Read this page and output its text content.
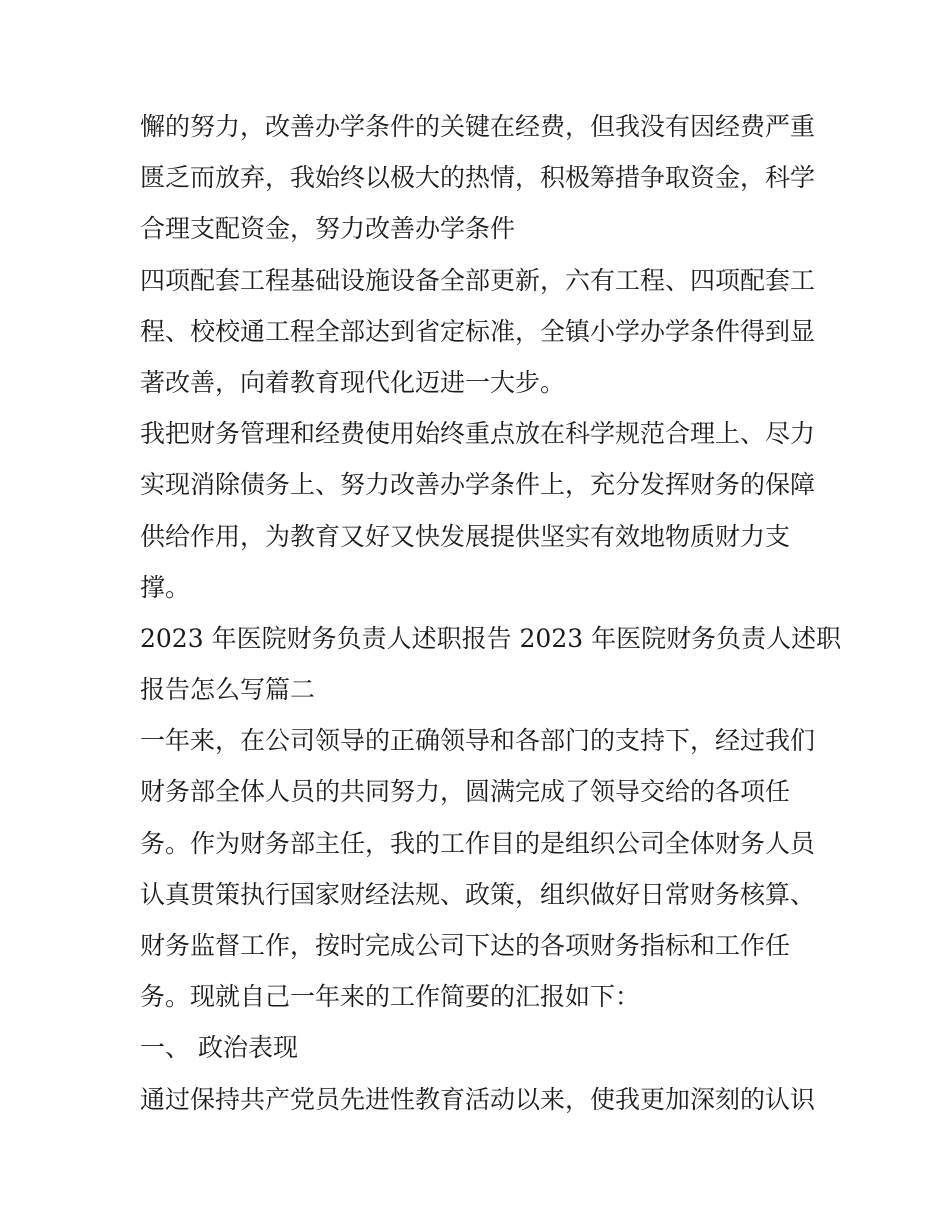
懈的努力，改善办学条件的关键在经费，但我没有因经费严重
匮乏而放弃，我始终以极大的热情，积极筹措争取资金，科学
合理支配资金，努力改善办学条件
四项配套工程基础设施设备全部更新，六有工程、四项配套工
程、校校通工程全部达到省定标准，全镇小学办学条件得到显
著改善，向着教育现代化迈进一大步。
我把财务管理和经费使用始终重点放在科学规范合理上、尽力
实现消除债务上、努力改善办学条件上，充分发挥财务的保障
供给作用，为教育又好又快发展提供坚实有效地物质财力支
撑。
2023 年医院财务负责人述职报告 2023 年医院财务负责人述职
报告怎么写篇二
一年来，在公司领导的正确领导和各部门的支持下，经过我们
财务部全体人员的共同努力，圆满完成了领导交给的各项任
务。作为财务部主任，我的工作目的是组织公司全体财务人员
认真贯策执行国家财经法规、政策，组织做好日常财务核算、
财务监督工作，按时完成公司下达的各项财务指标和工作任
务。现就自己一年来的工作简要的汇报如下：
一、 政治表现
通过保持共产党员先进性教育活动以来，使我更加深刻的认识
